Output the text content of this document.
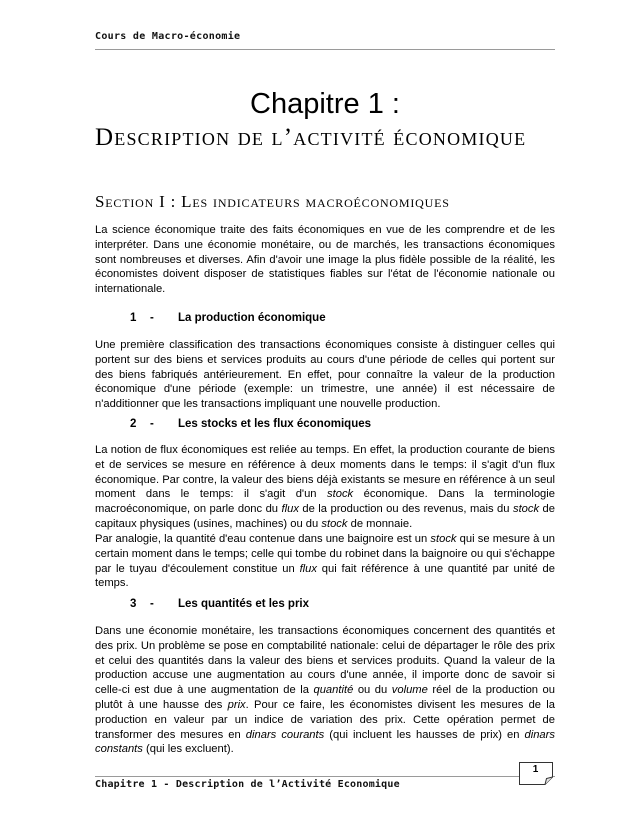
Cours de Macro-économie
Chapitre 1 :
Description de l’activité économique
Section I : Les indicateurs macroéconomiques

La science économique traite des faits économiques en vue de les comprendre et de les interpréter. Dans une économie monétaire, ou de marchés, les transactions économiques sont nombreuses et diverses. Afin d'avoir une image la plus fidèle possible de la réalité, les économistes doivent disposer de statistiques fiables sur l'état de l'économie nationale ou internationale.

1 - La production économique

Une première classification des transactions économiques consiste à distinguer celles qui portent sur des biens et services produits au cours d'une période de celles qui portent sur des biens fabriqués antérieurement. En effet, pour connaître la valeur de la production économique d'une période (exemple: un trimestre, une année) il est nécessaire de n'additionner que les transactions impliquant une nouvelle production.

2 - Les stocks et les flux économiques

La notion de flux économiques est reliée au temps. En effet, la production courante de biens et de services se mesure en référence à deux moments dans le temps: il s'agit d'un flux économique. Par contre, la valeur des biens déjà existants se mesure en référence à un seul moment dans le temps: il s'agit d'un stock économique. Dans la terminologie macroéconomique, on parle donc du flux de la production ou des revenus, mais du stock de capitaux physiques (usines, machines) ou du stock de monnaie.

Par analogie, la quantité d'eau contenue dans une baignoire est un stock qui se mesure à un certain moment dans le temps; celle qui tombe du robinet dans la baignoire ou qui s'échappe par le tuyau d'écoulement constitue un flux qui fait référence à une quantité par unité de temps.

3 - Les quantités et les prix

Dans une économie monétaire, les transactions économiques concernent des quantités et des prix. Un problème se pose en comptabilité nationale: celui de départager le rôle des prix et celui des quantités dans la valeur des biens et services produits. Quand la valeur de la production accuse une augmentation au cours d'une année, il importe donc de savoir si celle-ci est due à une augmentation de la quantité ou du volume réel de la production ou plutôt à une hausse des prix. Pour ce faire, les économistes divisent les mesures de la production en valeur par un indice de variation des prix. Cette opération permet de transformer des mesures en dinars courants (qui incluent les hausses de prix) en dinars constants (qui les excluent).

Chapitre 1 - Description de l’Activité Economique
1
